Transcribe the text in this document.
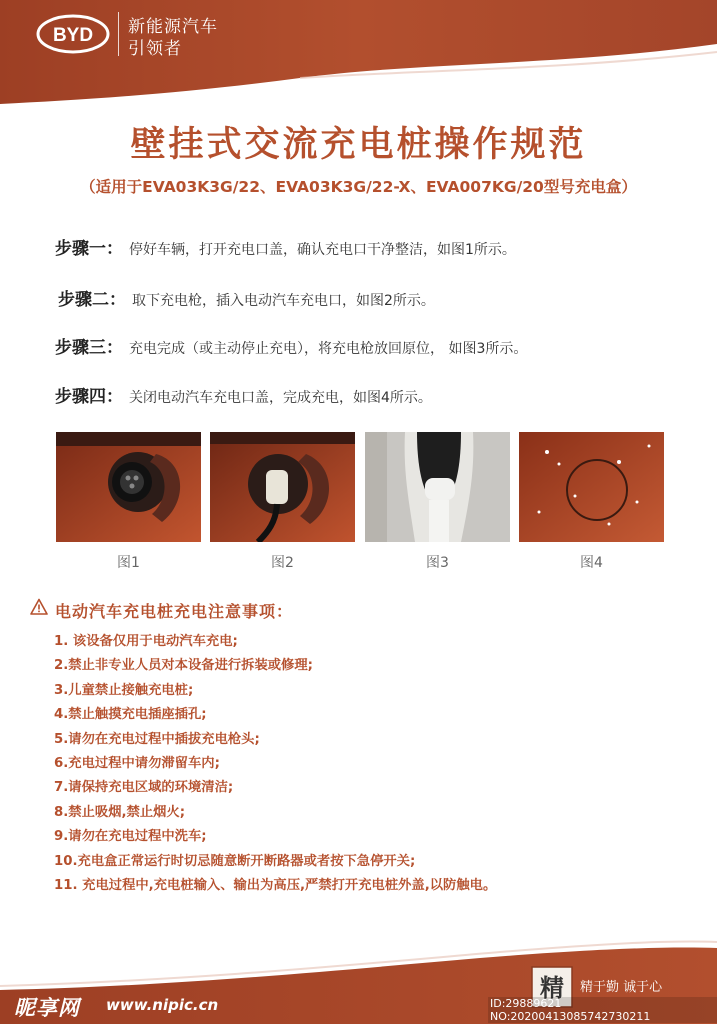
BYD 新能源汽车
引领者
壁挂式交流充电桩操作规范
（适用于EVA03K3G/22、EVA03K3G/22-X、EVA007KG/20型号充电盒）
步骤一： 停好车辆，打开充电口盖，确认充电口干净整洁，如图1所示。
步骤二： 取下充电枪，插入电动汽车充电口，如图2所示。
步骤三： 充电完成（或主动停止充电），将充电枪放回原位， 如图3所示。
步骤四： 关闭电动汽车充电口盖，完成充电，如图4所示。
图1	图2	图3	图4
电动汽车充电桩充电注意事项：
1. 该设备仅用于电动汽车充电;
2.禁止非专业人员对本设备进行拆装或修理;
3.儿童禁止接触充电桩;
4.禁止触摸充电插座插孔;
5.请勿在充电过程中插拔充电枪头;
6.充电过程中请勿滞留车内;
7.请保持充电区域的环境清洁;
8.禁止吸烟,禁止烟火;
9.请勿在充电过程中洗车;
10.充电盒正常运行时切忌随意断开断路器或者按下急停开关;
11. 充电过程中,充电桩输入、输出为高压,严禁打开充电桩外盖,以防触电。
昵享网 www.nipic.cn
精 精于勤 诚于心
ID:29889621 NO:20200413085742730211
